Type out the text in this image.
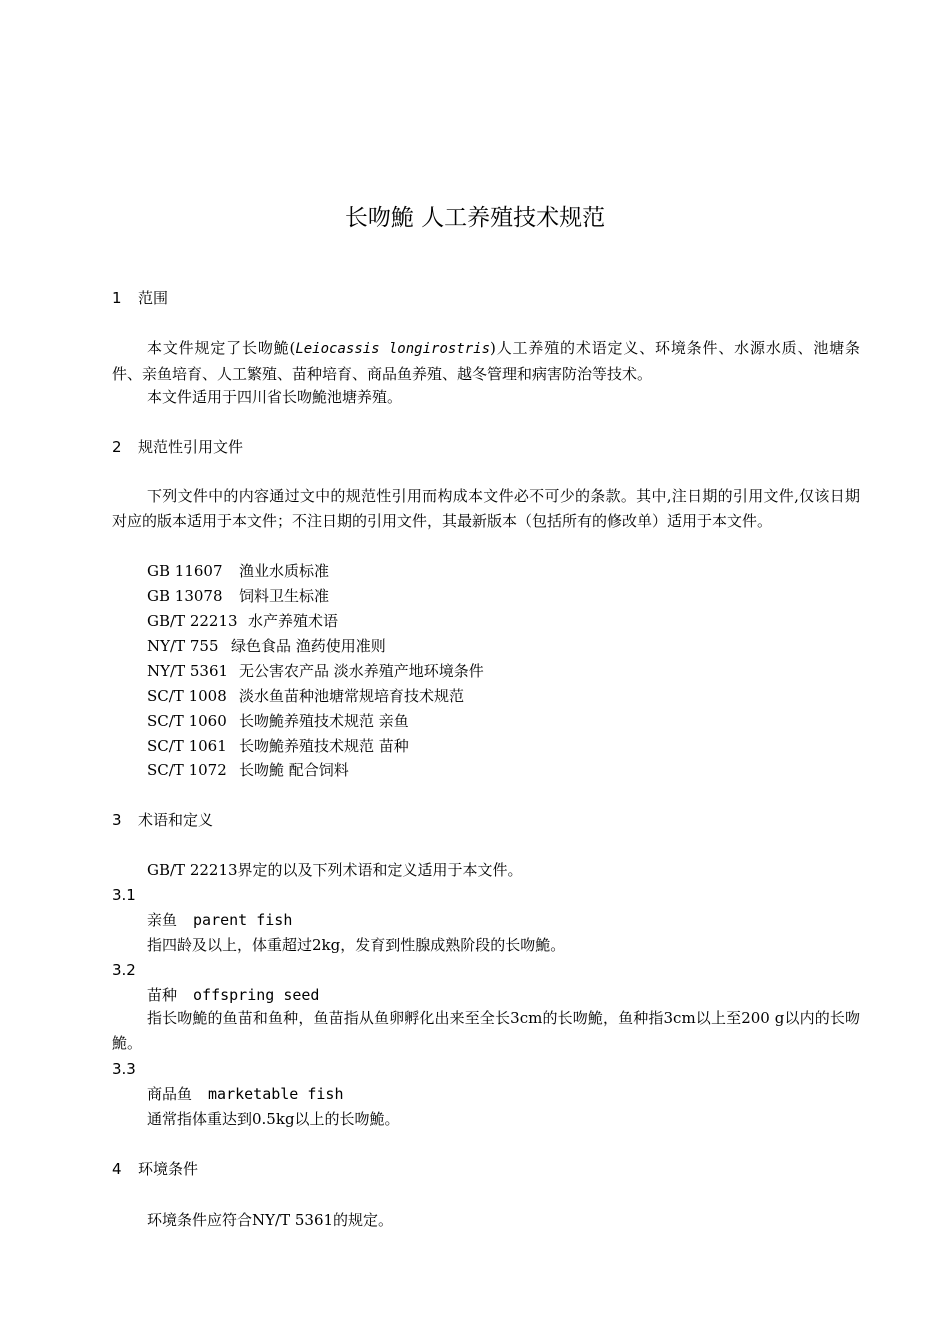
长吻鮠 人工养殖技术规范
1 范围
本文件规定了长吻鮠(Leiocassis longirostris)人工养殖的术语定义、环境条件、水源水质、池塘条件、亲鱼培育、人工繁殖、苗种培育、商品鱼养殖、越冬管理和病害防治等技术。
本文件适用于四川省长吻鮠池塘养殖。
2 规范性引用文件
下列文件中的内容通过文中的规范性引用而构成本文件必不可少的条款。其中,注日期的引用文件,仅该日期对应的版本适用于本文件；不注日期的引用文件，其最新版本（包括所有的修改单）适用于本文件。
GB 11607 渔业水质标准
GB 13078 饲料卫生标准
GB/T 22213 水产养殖术语
NY/T 755 绿色食品 渔药使用准则
NY/T 5361 无公害农产品 淡水养殖产地环境条件
SC/T 1008 淡水鱼苗种池塘常规培育技术规范
SC/T 1060 长吻鮠养殖技术规范 亲鱼
SC/T 1061 长吻鮠养殖技术规范 苗种
SC/T 1072 长吻鮠 配合饲料
3 术语和定义
GB/T 22213界定的以及下列术语和定义适用于本文件。
3.1
亲鱼 parent fish
指四龄及以上，体重超过2kg，发育到性腺成熟阶段的长吻鮠。
3.2
苗种 offspring seed
指长吻鮠的鱼苗和鱼种，鱼苗指从鱼卵孵化出来至全长3cm的长吻鮠，鱼种指3cm以上至200 g以内的长吻鮠。
3.3
商品鱼 marketable fish
通常指体重达到0.5kg以上的长吻鮠。
4 环境条件
环境条件应符合NY/T 5361的规定。
